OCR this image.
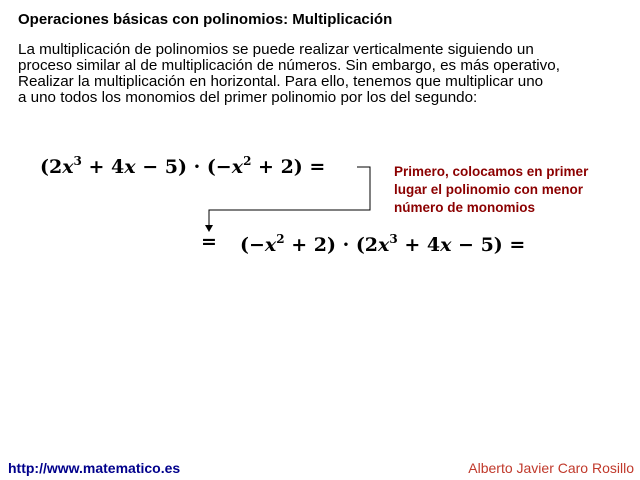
Operaciones básicas con polinomios: Multiplicación
La multiplicación de polinomios se puede realizar verticalmente siguiendo un
proceso similar al de multiplicación de números. Sin embargo, es más operativo,
Realizar la multiplicación en horizontal. Para ello, tenemos que multiplicar uno
a uno todos los monomios del primer polinomio por los del segundo:
$(2x^3 + 4x - 5) \cdot (-x^2 + 2)$ =
= $(-x^2 + 2) \cdot (2x^3 + 4x - 5)$ =
Primero, colocamos en primer
lugar el polinomio con menor
número de monomios
http://www.matematico.es	Alberto Javier Caro Rosillo
